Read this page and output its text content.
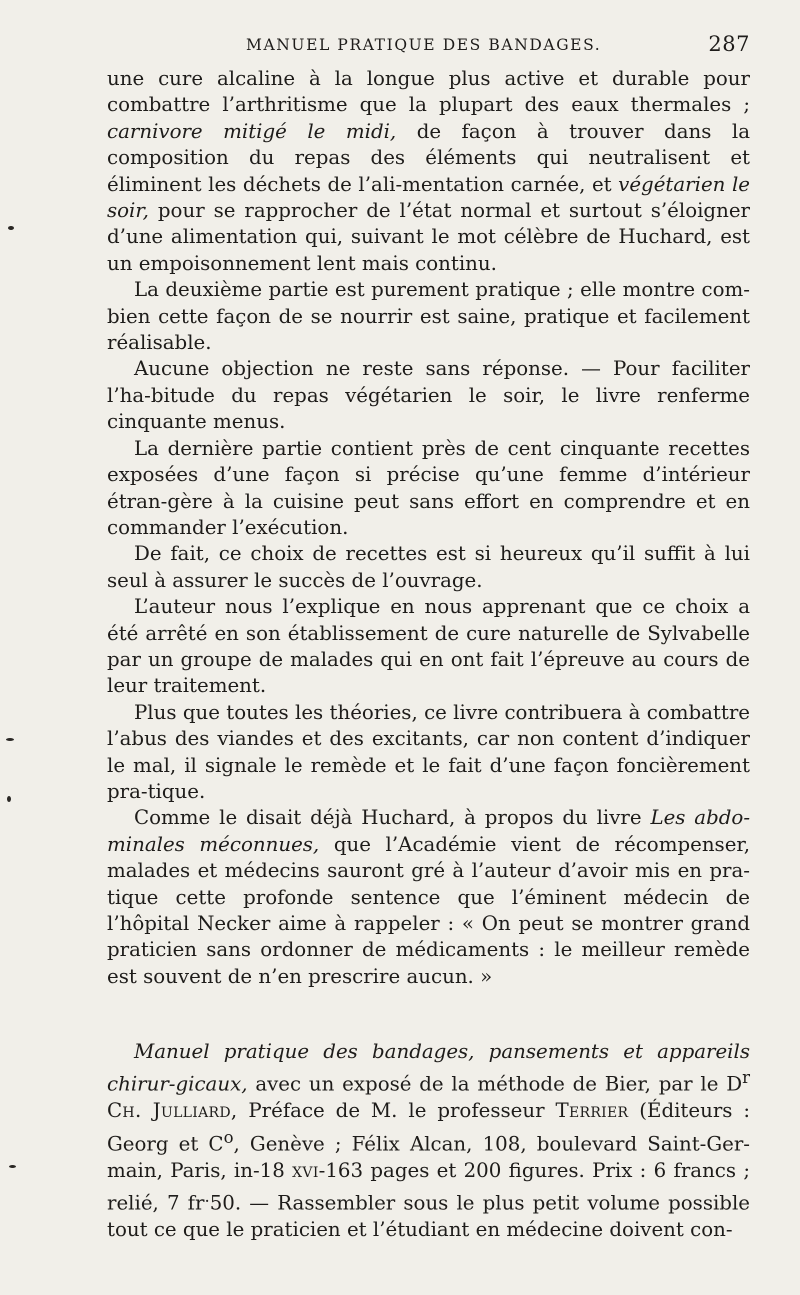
MANUEL PRATIQUE DES BANDAGES.	287

une cure alcaline à la longue plus active et durable pour combattre l’arthritisme que la plupart des eaux thermales ; carnivore mitigé le midi, de façon à trouver dans la composition du repas des éléments qui neutralisent et éliminent les déchets de l’ali-mentation carnée, et végétarien le soir, pour se rapprocher de l’état normal et surtout s’éloigner d’une alimentation qui, suivant le mot célèbre de Huchard, est un empoisonnement lent mais continu.

La deuxième partie est purement pratique ; elle montre com-bien cette façon de se nourrir est saine, pratique et facilement réalisable.

Aucune objection ne reste sans réponse. — Pour faciliter l’ha-bitude du repas végétarien le soir, le livre renferme cinquante menus.

La dernière partie contient près de cent cinquante recettes exposées d’une façon si précise qu’une femme d’intérieur étran-gère à la cuisine peut sans effort en comprendre et en commander l’exécution.

De fait, ce choix de recettes est si heureux qu’il suffit à lui seul à assurer le succès de l’ouvrage.

L’auteur nous l’explique en nous apprenant que ce choix a été arrêté en son établissement de cure naturelle de Sylvabelle par un groupe de malades qui en ont fait l’épreuve au cours de leur traitement.

Plus que toutes les théories, ce livre contribuera à combattre l’abus des viandes et des excitants, car non content d’indiquer le mal, il signale le remède et le fait d’une façon foncièrement pra-tique.

Comme le disait déjà Huchard, à propos du livre Les abdo-minales méconnues, que l’Académie vient de récompenser, malades et médecins sauront gré à l’auteur d’avoir mis en pra-tique cette profonde sentence que l’éminent médecin de l’hôpital Necker aime à rappeler : « On peut se montrer grand praticien sans ordonner de médicaments : le meilleur remède est souvent de n’en prescrire aucun. »

Manuel pratique des bandages, pansements et appareils chirur-gicaux, avec un exposé de la méthode de Bier, par le $D^r$ Ch. Julliard, Préface de M. le professeur Terrier (Éditeurs : Georg et $C^o$, Genève ; Félix Alcan, 108, boulevard Saint-Ger-main, Paris, in-18 xvi-163 pages et 200 figures. Prix : 6 francs ; relié, 7 fr.50. — Rassembler sous le plus petit volume possible tout ce que le praticien et l’étudiant en médecine doivent con-
